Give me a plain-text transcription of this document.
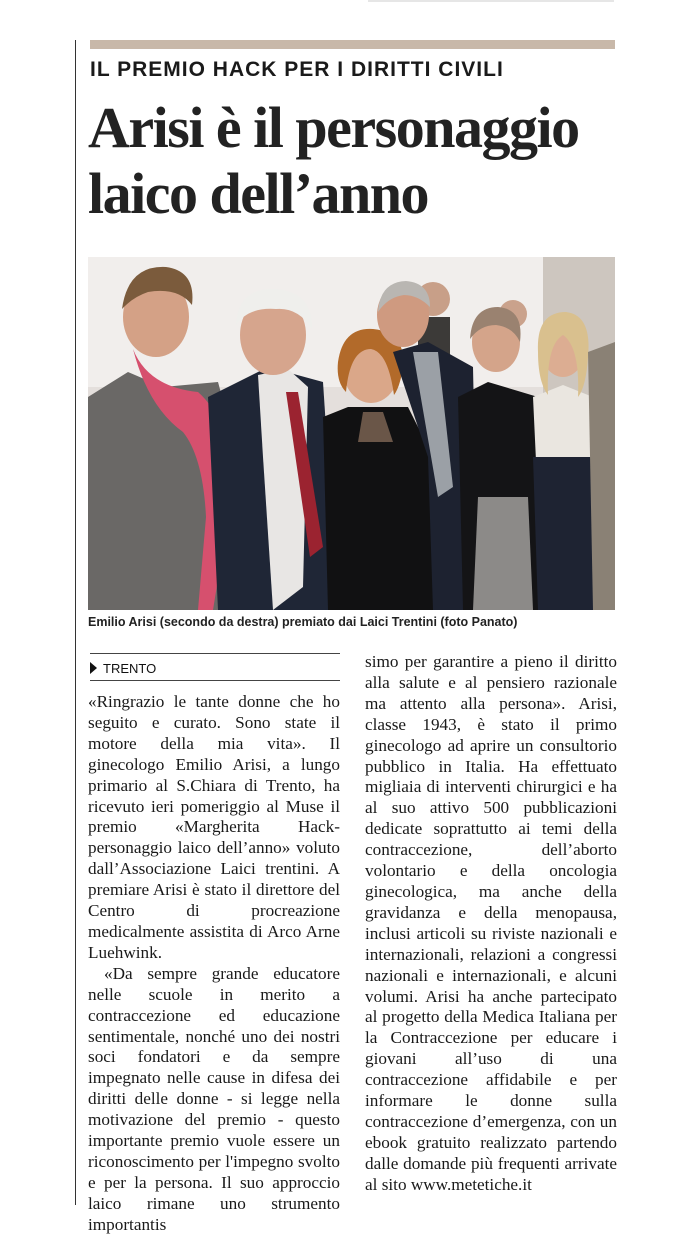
IL PREMIO HACK PER I DIRITTI CIVILI
Arisi è il personaggio
laico dell’anno
Emilio Arisi (secondo da destra) premiato dai Laici Trentini (foto Panato)
TRENTO

«Ringrazio le tante donne che ho seguito e curato. Sono state il motore della mia vita». Il ginecologo Emilio Arisi, a lungo primario al S.Chiara di Trento, ha ricevuto ieri pomeriggio al Muse il premio «Margherita Hack-personaggio laico dell’anno» voluto dall’Associazione Laici trentini. A premiare Arisi è stato il direttore del Centro di procreazione medicalmente assistita di Arco Arne Luehwink.

«Da sempre grande educatore nelle scuole in merito a contraccezione ed educazione sentimentale, nonché uno dei nostri soci fondatori e da sempre impegnato nelle cause in difesa dei diritti delle donne - si legge nella motivazione del premio - questo importante premio vuole essere un riconoscimento per l'impegno svolto e per la persona. Il suo approccio laico rimane uno strumento importantis

simo per garantire a pieno il diritto alla salute e al pensiero razionale ma attento alla persona». Arisi, classe 1943, è stato il primo ginecologo ad aprire un consultorio pubblico in Italia. Ha effettuato migliaia di interventi chirurgici e ha al suo attivo 500 pubblicazioni dedicate soprattutto ai temi della contraccezione, dell’aborto volontario e della oncologia ginecologica, ma anche della gravidanza e della menopausa, inclusi articoli su riviste nazionali e internazionali, relazioni a congressi nazionali e internazionali, e alcuni volumi. Arisi ha anche partecipato al progetto della Medica Italiana per la Contraccezione per educare i giovani all’uso di una contraccezione affidabile e per informare le donne sulla contraccezione d’emergenza, con un ebook gratuito realizzato partendo dalle domande più frequenti arrivate al sito www.metetiche.it
